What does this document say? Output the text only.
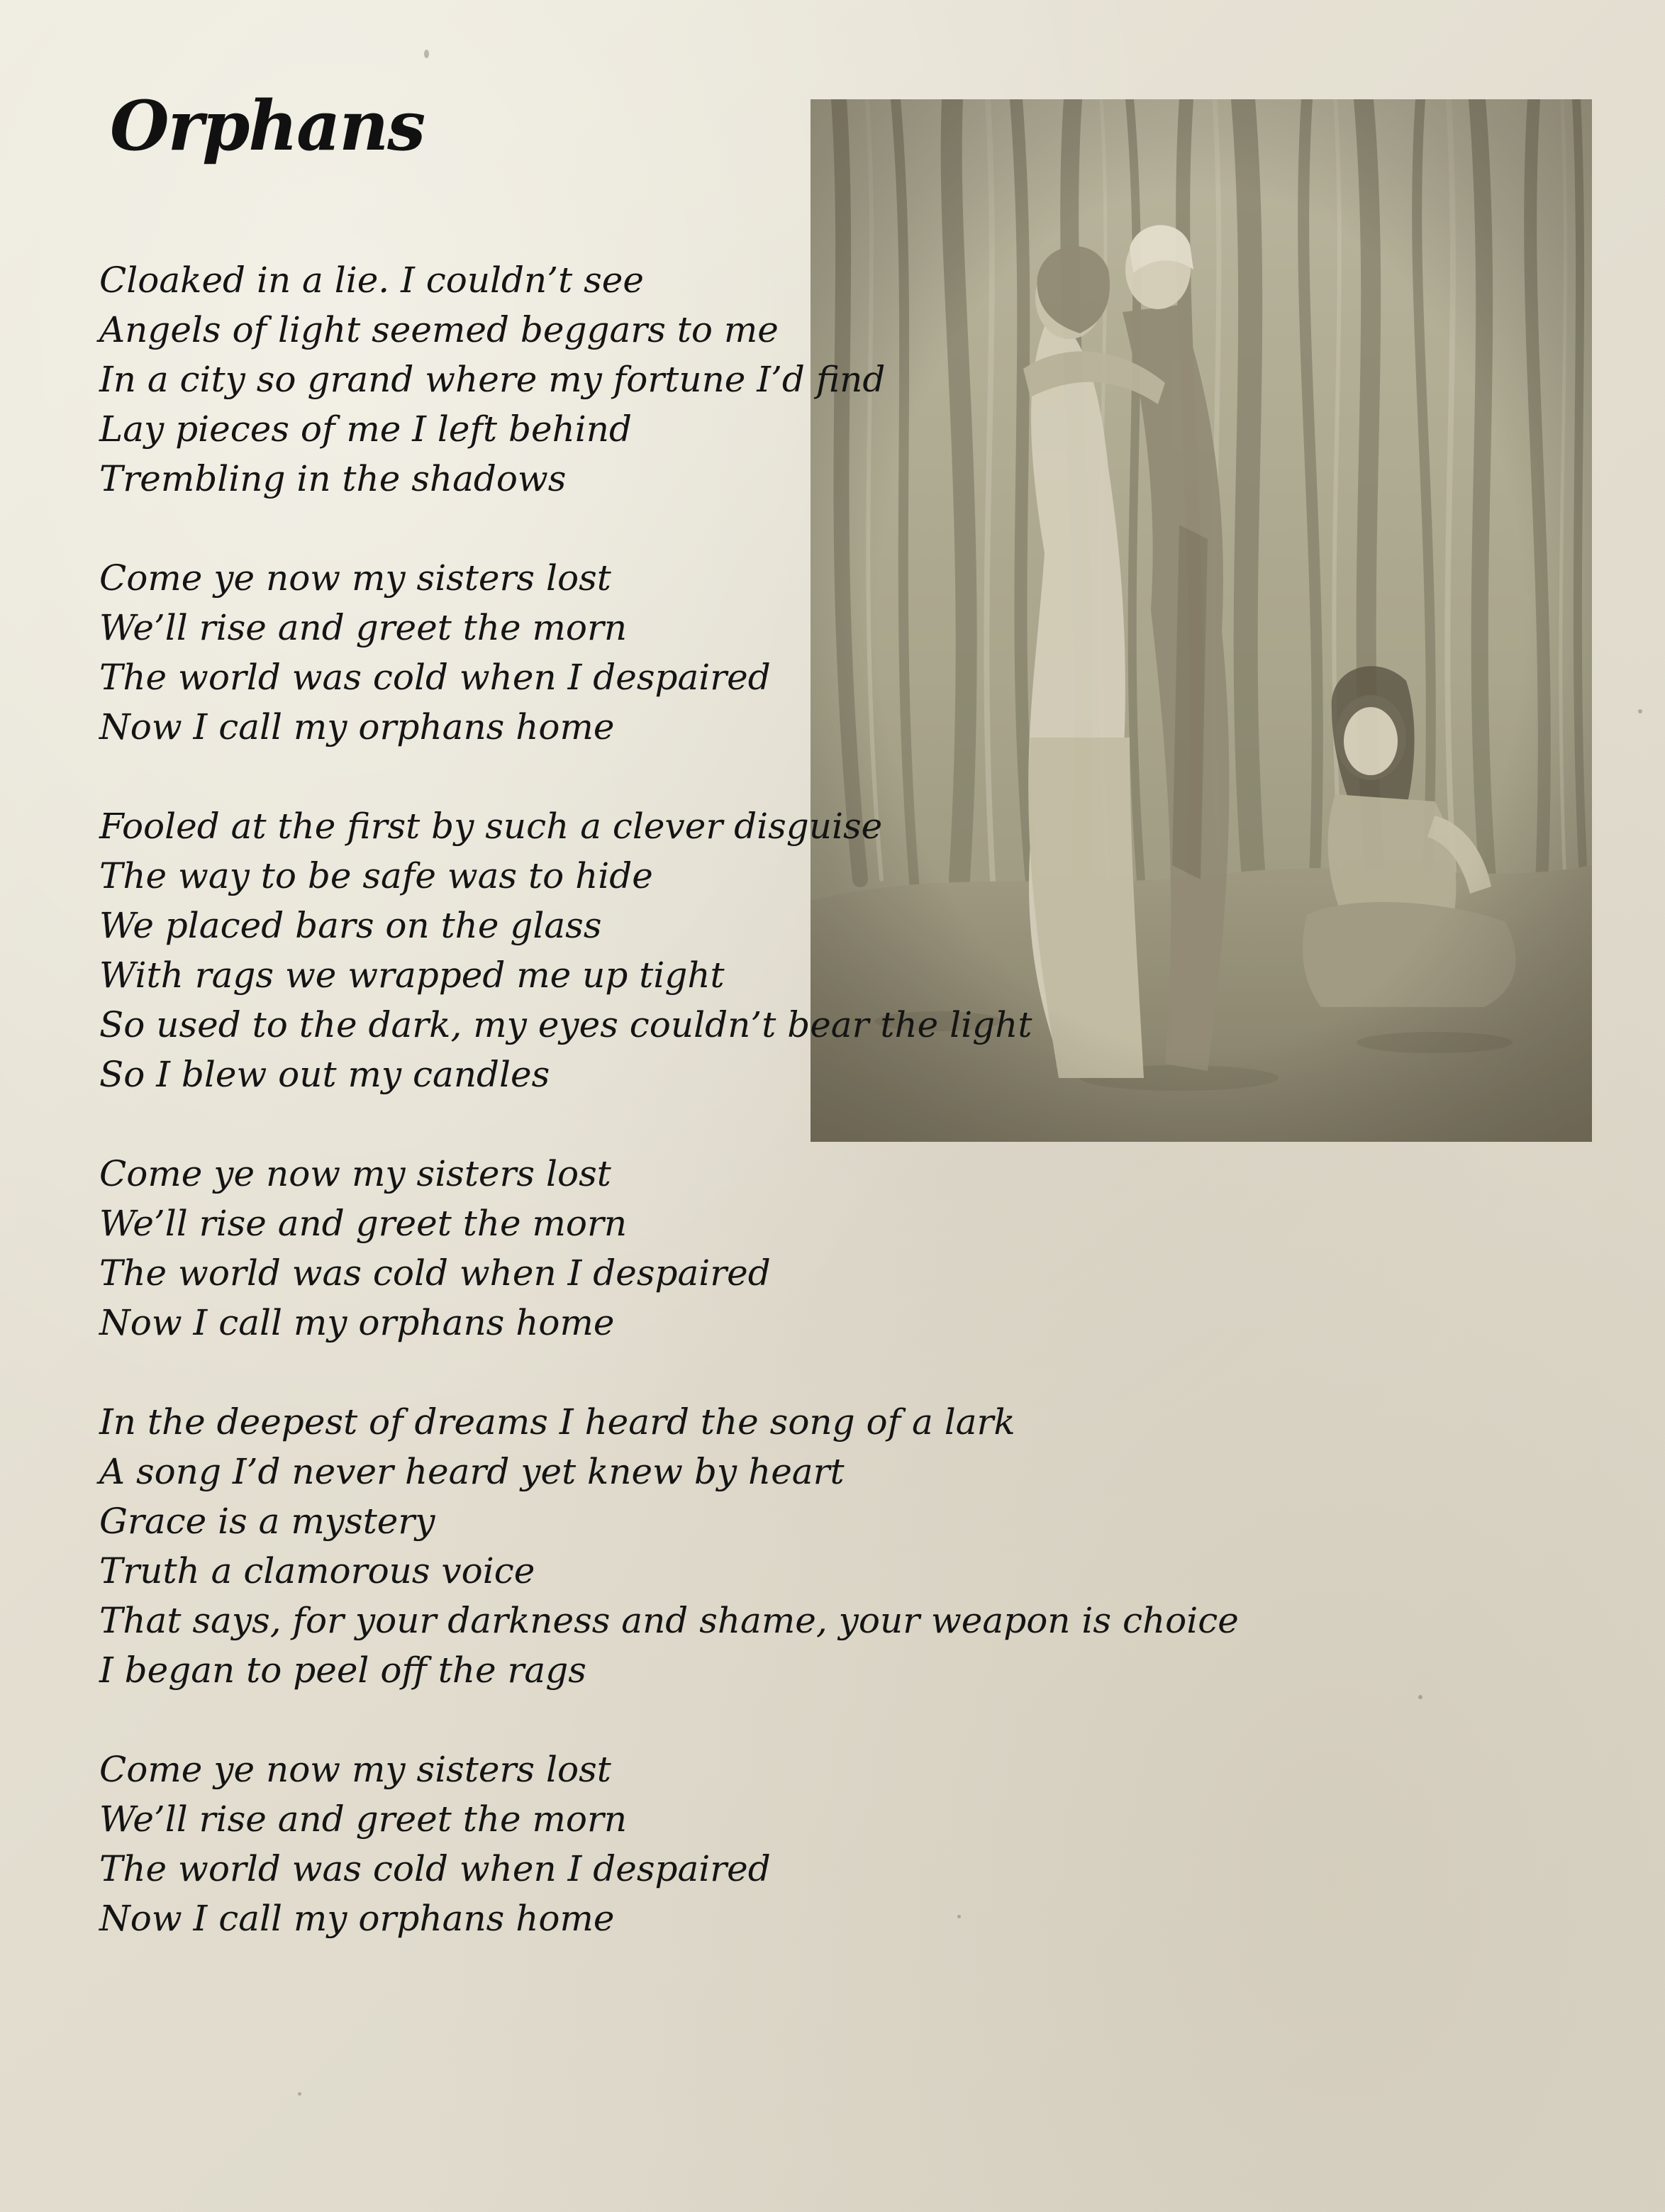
Orphans
Cloaked in a lie. I couldn’t see
Angels of light seemed beggars to me
In a city so grand where my fortune I’d find
Lay pieces of me I left behind
Trembling in the shadows
Come ye now my sisters lost
We’ll rise and greet the morn
The world was cold when I despaired
Now I call my orphans home
Fooled at the first by such a clever disguise
The way to be safe was to hide
We placed bars on the glass
With rags we wrapped me up tight
So used to the dark, my eyes couldn’t bear the light
So I blew out my candles
Come ye now my sisters lost
We’ll rise and greet the morn
The world was cold when I despaired
Now I call my orphans home
In the deepest of dreams I heard the song of a lark
A song I’d never heard yet knew by heart
Grace is a mystery
Truth a clamorous voice
That says, for your darkness and shame, your weapon is choice
I began to peel off the rags
Come ye now my sisters lost
We’ll rise and greet the morn
The world was cold when I despaired
Now I call my orphans home
